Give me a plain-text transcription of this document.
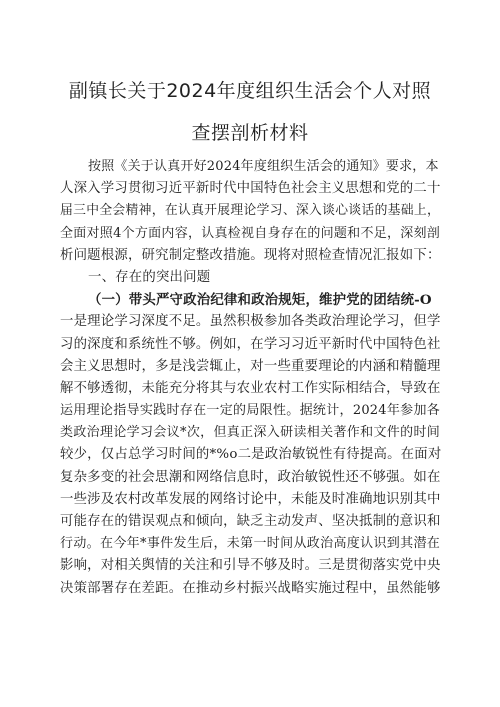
副镇长关于2024年度组织生活会个人对照
查摆剖析材料
按照《关于认真开好2024年度组织生活会的通知》要求，本
人深入学习贯彻习近平新时代中国特色社会主义思想和党的二十
届三中全会精神，在认真开展理论学习、深入谈心谈话的基础上，
全面对照4个方面内容，认真检视自身存在的问题和不足，深刻剖
析问题根源，研究制定整改措施。现将对照检查情况汇报如下：
一、存在的突出问题
（一）带头严守政治纪律和政治规矩，维护党的团结统-O
一是理论学习深度不足。虽然积极参加各类政治理论学习，但学
习的深度和系统性不够。例如，在学习习近平新时代中国特色社
会主义思想时，多是浅尝辄止，对一些重要理论的内涵和精髓理
解不够透彻，未能充分将其与农业农村工作实际相结合，导致在
运用理论指导实践时存在一定的局限性。据统计，2024年参加各
类政治理论学习会议*次，但真正深入研读相关著作和文件的时间
较少，仅占总学习时间的*%o二是政治敏锐性有待提高。在面对
复杂多变的社会思潮和网络信息时，政治敏锐性还不够强。如在
一些涉及农村改革发展的网络讨论中，未能及时准确地识别其中
可能存在的错误观点和倾向，缺乏主动发声、坚决抵制的意识和
行动。在今年*事件发生后，未第一时间从政治高度认识到其潜在
影响，对相关舆情的关注和引导不够及时。三是贯彻落实党中央
决策部署存在差距。在推动乡村振兴战略实施过程中，虽然能够
